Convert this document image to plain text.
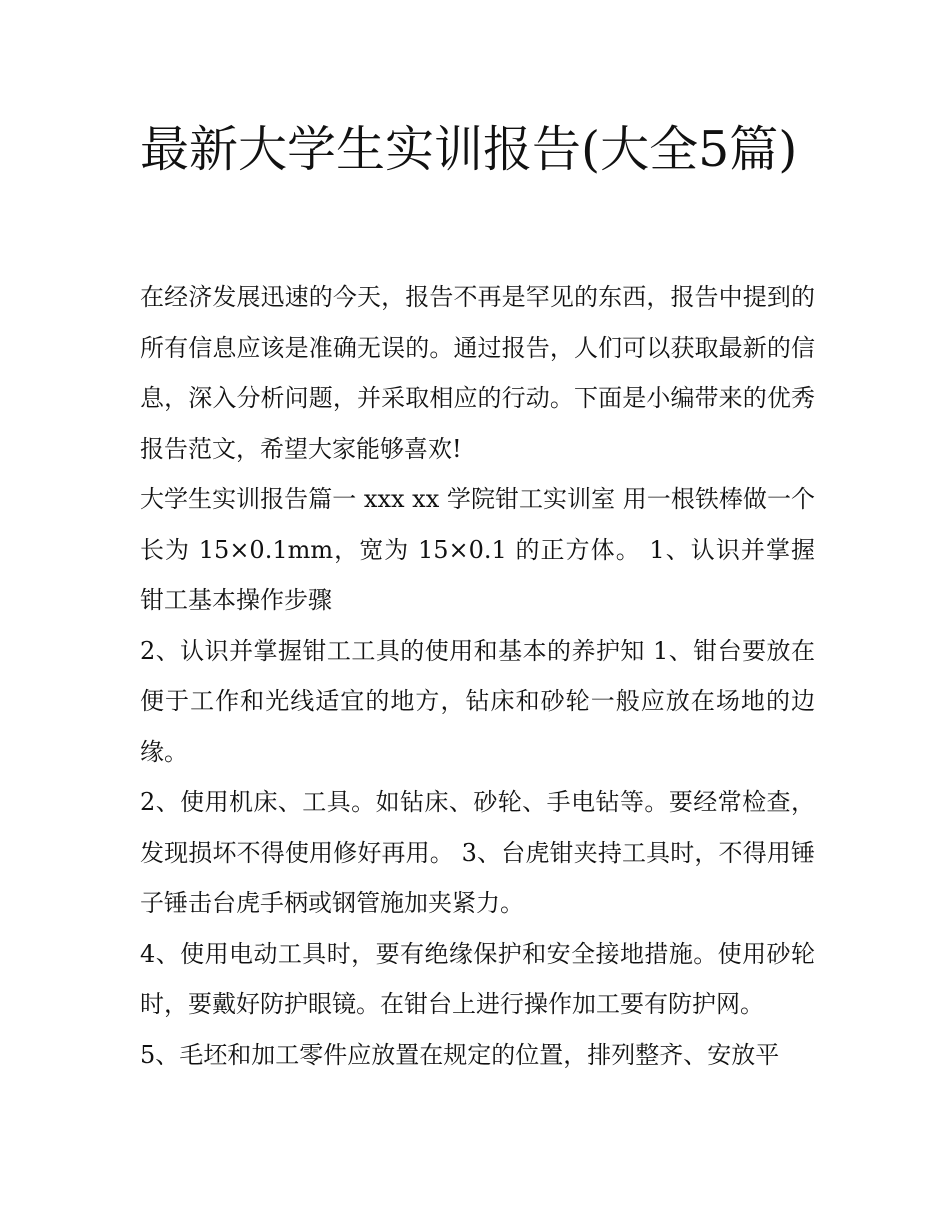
最新大学生实训报告(大全5篇)

在经济发展迅速的今天，报告不再是罕见的东西，报告中提到的所有信息应该是准确无误的。通过报告，人们可以获取最新的信息，深入分析问题，并采取相应的行动。下面是小编带来的优秀报告范文，希望大家能够喜欢!

大学生实训报告篇一 xxx xx 学院钳工实训室 用一根铁棒做一个长为 15×0.1mm，宽为 15×0.1 的正方体。 1、认识并掌握钳工基本操作步骤

2、认识并掌握钳工工具的使用和基本的养护知 1、钳台要放在便于工作和光线适宜的地方，钻床和砂轮一般应放在场地的边缘。

2、使用机床、工具。如钻床、砂轮、手电钻等。要经常检查，发现损坏不得使用修好再用。 3、台虎钳夹持工具时，不得用锤子锤击台虎手柄或钢管施加夹紧力。

4、使用电动工具时，要有绝缘保护和安全接地措施。使用砂轮时，要戴好防护眼镜。在钳台上进行操作加工要有防护网。

5、毛坯和加工零件应放置在规定的位置，排列整齐、安放平
